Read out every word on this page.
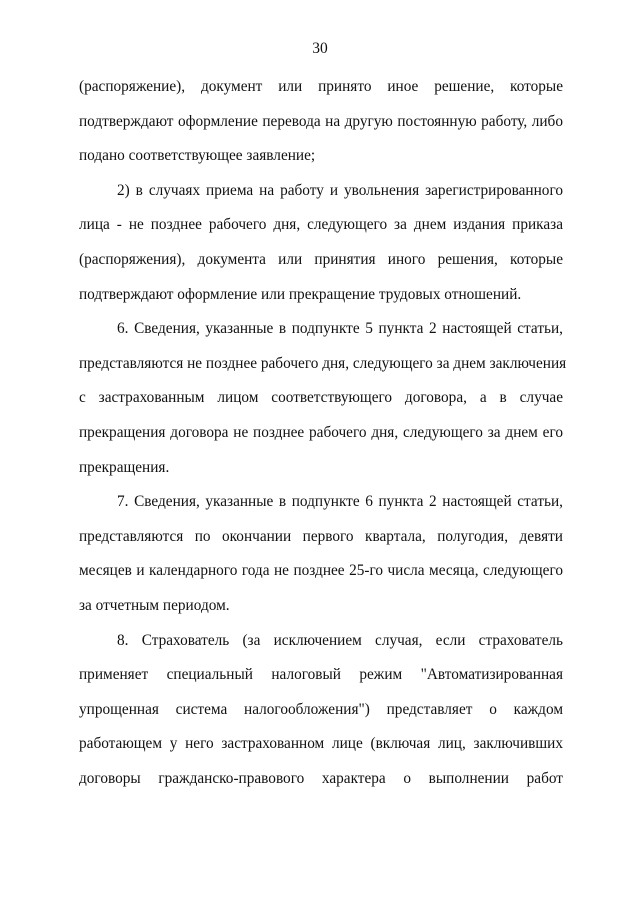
30
(распоряжение), документ или принято иное решение, которые
подтверждают оформление перевода на другую постоянную работу, либо
подано соответствующее заявление;
2) в случаях приема на работу и увольнения зарегистрированного
лица - не позднее рабочего дня, следующего за днем издания приказа
(распоряжения), документа или принятия иного решения, которые
подтверждают оформление или прекращение трудовых отношений.
6. Сведения, указанные в подпункте 5 пункта 2 настоящей статьи,
представляются не позднее рабочего дня, следующего за днем заключения
с застрахованным лицом соответствующего договора, а в случае
прекращения договора не позднее рабочего дня, следующего за днем его
прекращения.
7. Сведения, указанные в подпункте 6 пункта 2 настоящей статьи,
представляются по окончании первого квартала, полугодия, девяти
месяцев и календарного года не позднее 25-го числа месяца, следующего
за отчетным периодом.
8. Страхователь (за исключением случая, если страхователь
применяет специальный налоговый режим "Автоматизированная
упрощенная система налогообложения") представляет о каждом
работающем у него застрахованном лице (включая лиц, заключивших
договоры гражданско-правового характера о выполнении работ
